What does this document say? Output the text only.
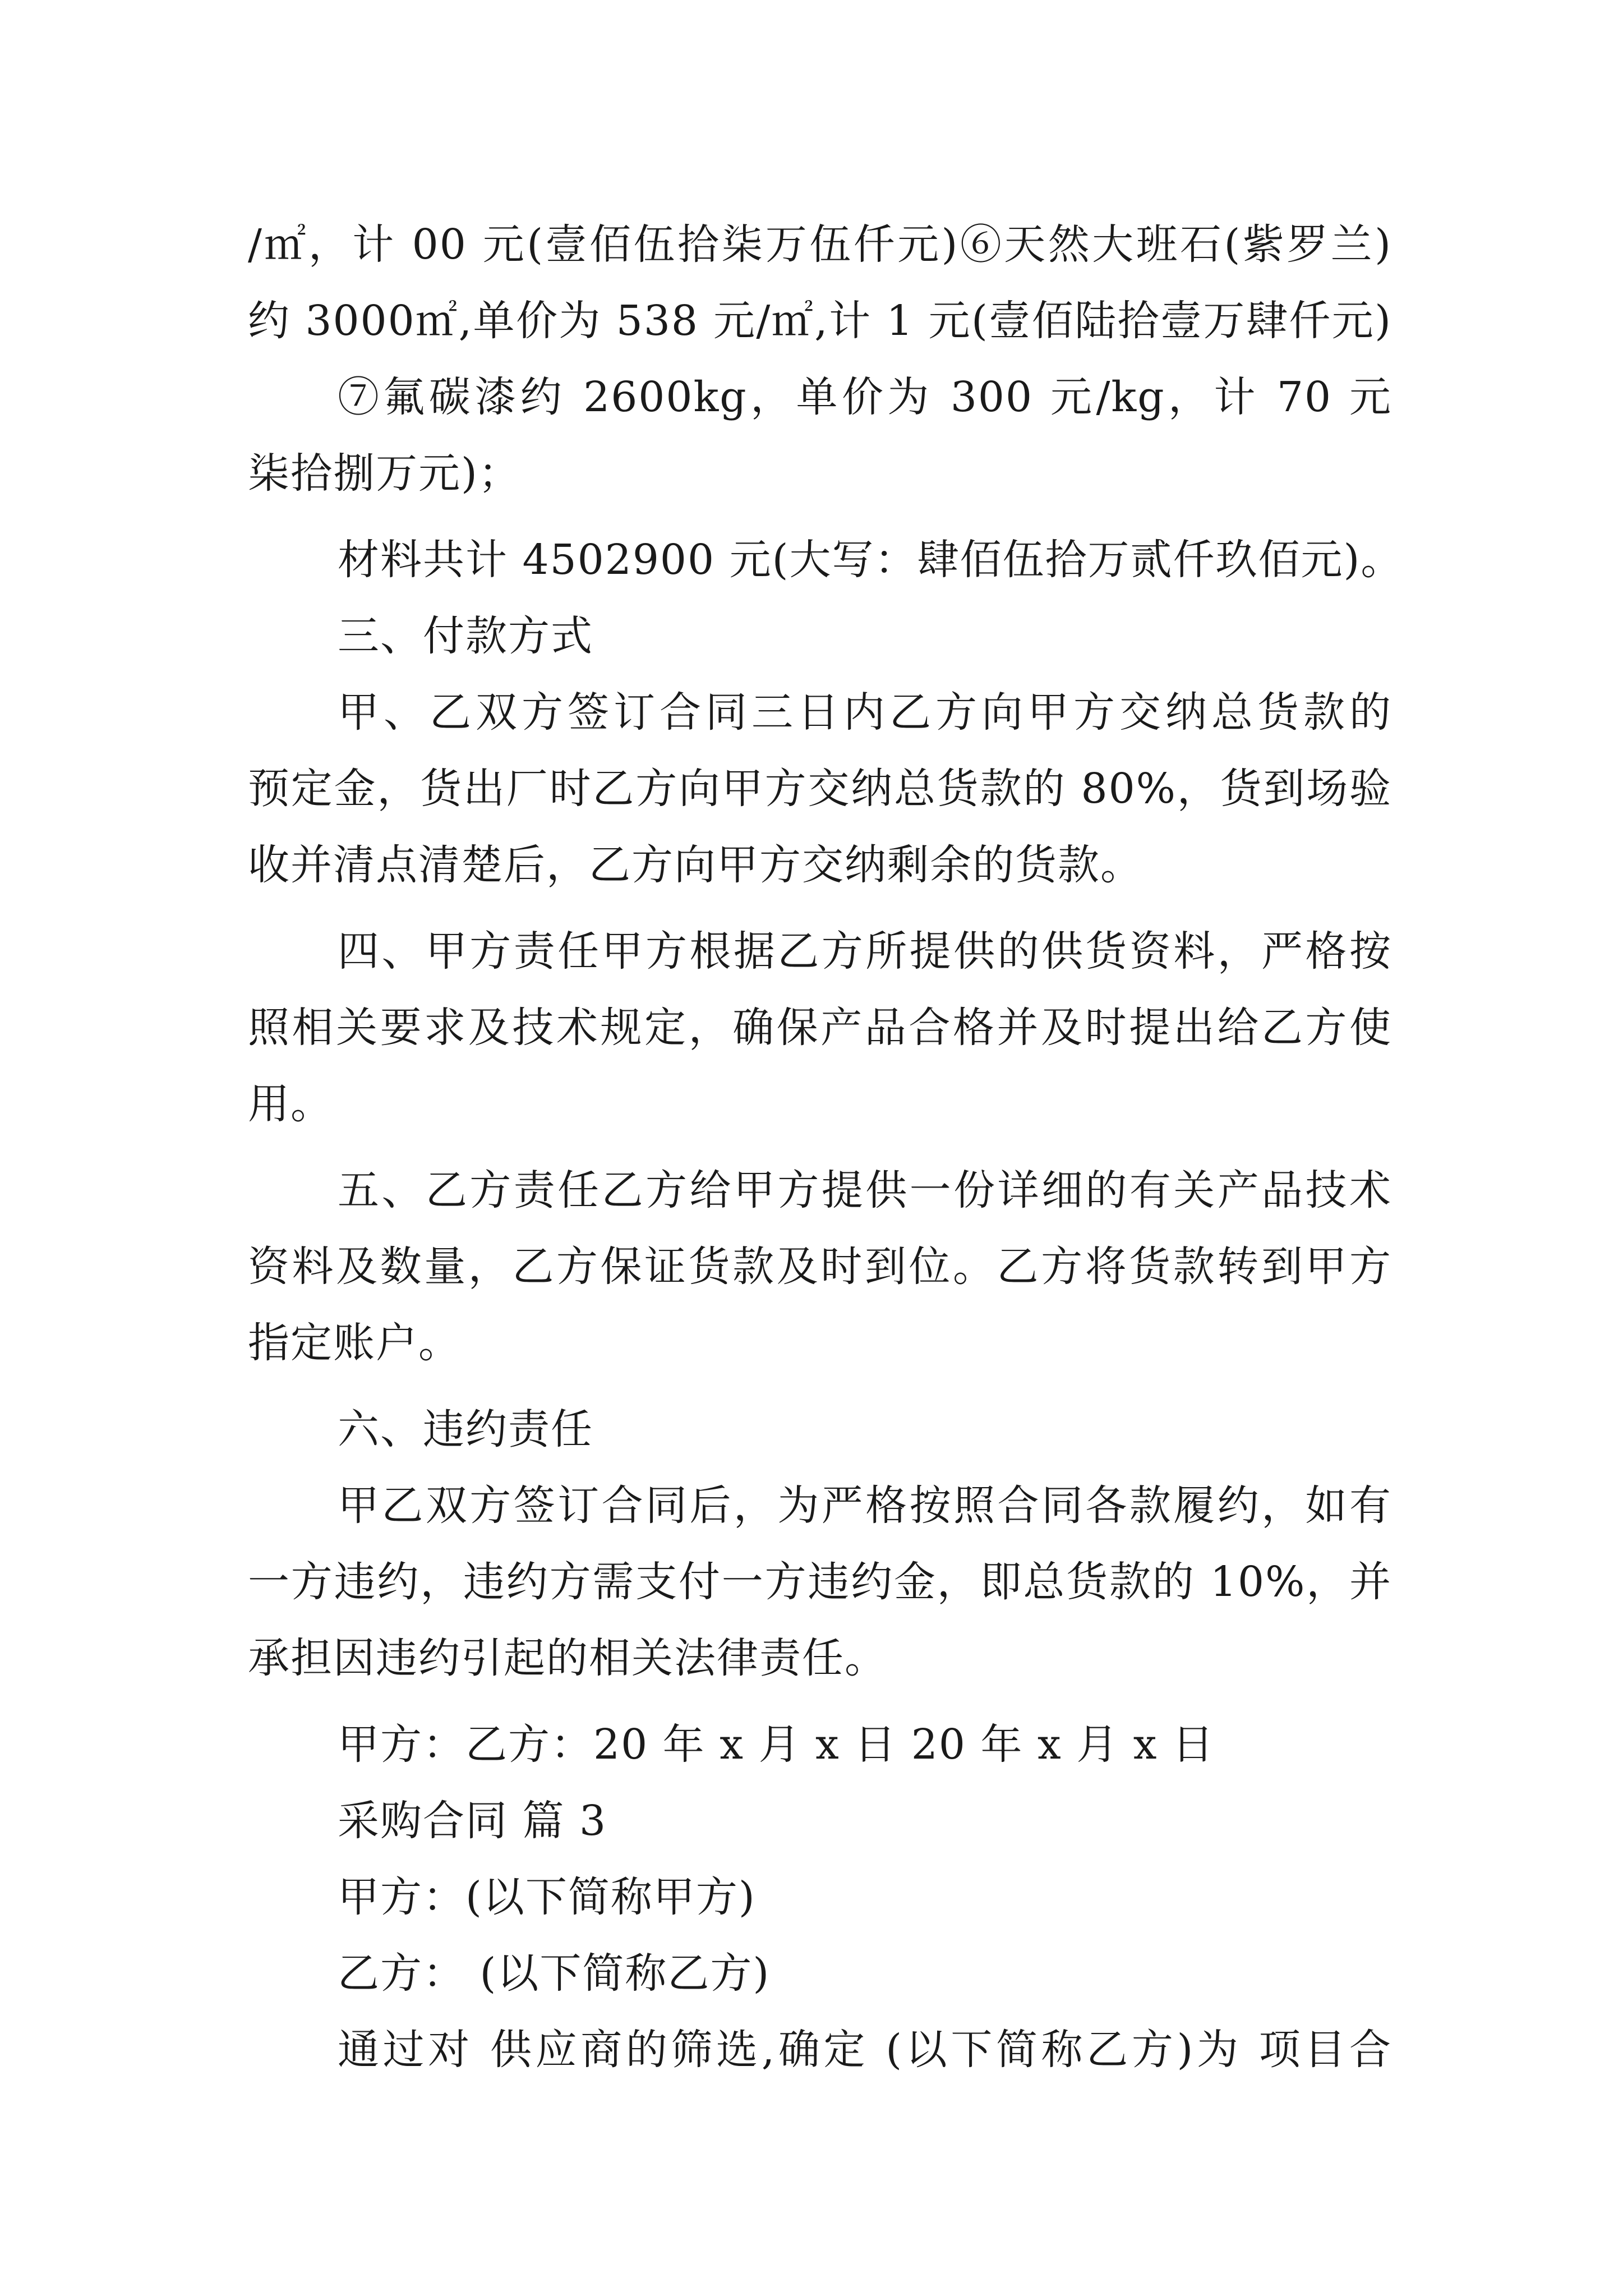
/㎡，计 00 元(壹佰伍拾柒万伍仟元)⑥天然大班石(紫罗兰)
约 3000㎡,单价为 538 元/㎡,计 1 元(壹佰陆拾壹万肆仟元)
⑦氟碳漆约 2600kg，单价为 300 元/kg，计 70 元
柒拾捌万元)；
材料共计 4502900 元(大写：肆佰伍拾万贰仟玖佰元)。
三、付款方式
甲、乙双方签订合同三日内乙方向甲方交纳总货款的
预定金，货出厂时乙方向甲方交纳总货款的 80%，货到场验
收并清点清楚后，乙方向甲方交纳剩余的货款。
四、甲方责任甲方根据乙方所提供的供货资料，严格按
照相关要求及技术规定，确保产品合格并及时提出给乙方使
用。
五、乙方责任乙方给甲方提供一份详细的有关产品技术
资料及数量，乙方保证货款及时到位。乙方将货款转到甲方
指定账户。
六、违约责任
甲乙双方签订合同后，为严格按照合同各款履约，如有
一方违约，违约方需支付一方违约金，即总货款的 10%，并
承担因违约引起的相关法律责任。
甲方：乙方：20 年 x 月 x 日 20 年 x 月 x 日
采购合同 篇 3
甲方：(以下简称甲方)
乙方： (以下简称乙方)
通过对 供应商的筛选,确定 (以下简称乙方)为 项目合
